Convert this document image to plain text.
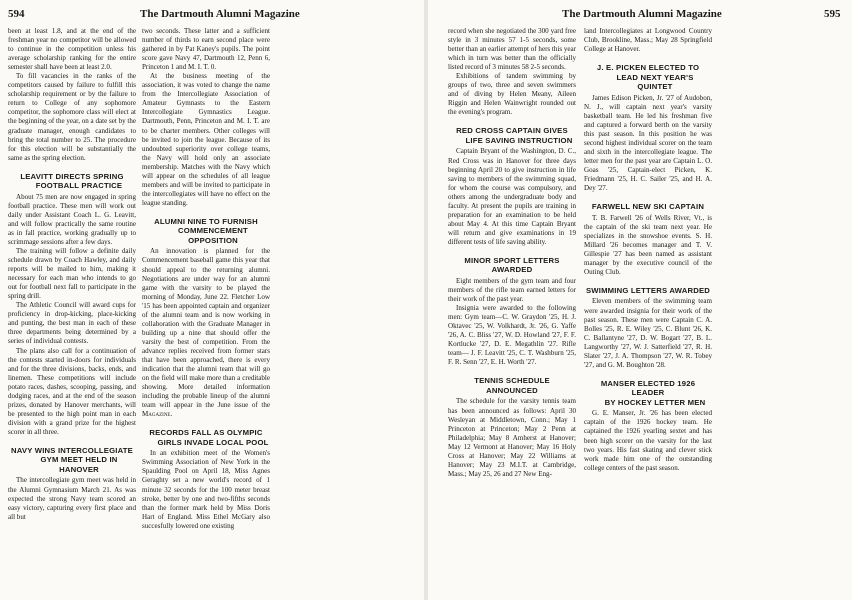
594	The Dartmouth Alumni Magazine

been at least 1.8, and at the end of the freshman year no competitor will be allowed to continue in the competition unless his average scholarship ranking for the entire semester shall have been at least 2.0.

To fill vacancies in the ranks of the competitors caused by failure to fulfill this scholarship requirement or by the failure to return to College of any sophomore competitor, the sophomore class will elect at the beginning of the year, on a date set by the graduate manager, enough candidates to bring the total number to 25. The procedure for this election will be substantially the same as the spring election.

LEAVITT DIRECTS SPRING
FOOTBALL PRACTICE

About 75 men are now engaged in spring football practice. These men will work out daily under Assistant Coach L. G. Leavitt, and will follow practically the same routine as in fall practice, working gradually up to scrimmage sessions after a few days.

The training will follow a definite daily schedule drawn by Coach Hawley, and daily reports will be mailed to him, making it necessary for each man who intends to go out for football next fall to participate in the spring drill.

The Athletic Council will award cups for proficiency in drop-kicking, place-kicking and punting, the best man in each of these three departments being determined by a series of individual contests.

The plans also call for a continuation of the contests started in-doors for individuals and for the three divisions, backs, ends, and linemen. These competitions will include potato races, dashes, scooping, passing, and dodging races, and at the end of the season prizes, donated by Hanover merchants, will be presented to the high point man in each division with a grand prize for the highest scorer in all three.

NAVY WINS INTERCOLLEGIATE
GYM MEET HELD IN HANOVER

The intercollegiate gym meet was held in the Alumni Gymnasium March 21. As was expected the strong Navy team scored an easy victory, capturing every first place and all but

two seconds. These latter and a sufficient number of thirds to earn second place were gathered in by Pat Kaney's pupils. The point score gave Navy 47, Dartmouth 12, Penn 6, Princeton 1 and M. I. T. 0.

At the business meeting of the association, it was voted to change the name from the Intercollegiate Association of Amateur Gymnasts to the Eastern Intercollegiate Gymnastics League. Dartmouth, Penn, Princeton and M. I. T. are to be charter members. Other colleges will be invited to join the league. Because of its undoubted superiority over college teams, the Navy will hold only an associate membership. Matches with the Navy which will appear on the schedules of all league members and will be invited to participate in the intercollegiates will have no effect on the league standing.

ALUMNI NINE TO FURNISH
COMMENCEMENT OPPOSITION

An innovation is planned for the Commencement baseball game this year that should appeal to the returning alumni. Negotiations are under way for an alumni game with the varsity to be played the morning of Monday, June 22. Fletcher Low '15 has been appointed captain and organizer of the alumni team and is now working in collaboration with the Graduate Manager in building up a nine that should offer the varsity the best of competition. From the advance replies received from former stars that have been approached, there is every indication that the alumni team that will go on the field will make more than a creditable showing. More detailed information including the probable lineup of the alumni team will appear in the June issue of the Magazine.

RECORDS FALL AS OLYMPIC
GIRLS INVADE LOCAL POOL

In an exhibition meet of the Women's Swimming Association of New York in the Spaulding Pool on April 18, Miss Agnes Geraghty set a new world's record of 1 minute 32 seconds for the 100 meter breast stroke, better by one and two-fifths seconds than the former mark held by Miss Doris Hart of England. Miss Ethel McGary also succesfully lowered one existing

The Dartmouth Alumni Magazine	595

record when she negotiated the 300 yard free style in 3 minutes 57 1-5 seconds, some better than an earlier attempt of hers this year which in turn was better than the officially listed record of 3 minutes 58 2-5 seconds.

Exhibitions of tandem swimming by groups of two, three and seven swimmers and of diving by Helen Meany, Aileen Riggin and Helen Wainwright rounded out the evening's program.

RED CROSS CAPTAIN GIVES
LIFE SAVING INSTRUCTION

Captain Bryant of the Washington, D. C., Red Cross was in Hanover for three days beginning April 20 to give instruction in life saving to members of the swimming squad, for whom the course was compulsory, and others among the undergraduate body and faculty. At present the pupils are training in preparation for an examination to be held about May 4. At this time Captain Bryant will return and give examinations in 19 different tests of life saving ability.

MINOR SPORT LETTERS AWARDED

Eight members of the gym team and four members of the rifle team earned letters for their work of the past year.

Insignia were awarded to the following men: Gym team—C. W. Graydon '25, H. J. Oktavec '25, W. Volkhardt, Jr. '26, G. Yaffe '26, A. C. Bliss '27, W. D. Howland '27, F. F. Kortlucke '27, D. E. Megathlin '27. Rifle team— J. F. Leavitt '25, C. T. Washburn '25, F. R. Senn '27, E. H. Worth '27.

TENNIS SCHEDULE ANNOUNCED

The schedule for the varsity tennis team has been announced as follows: April 30 Wesleyan at Middletown, Conn.; May 1 Princeton at Princeton; May 2 Penn at Philadelphia; May 8 Amherst at Hanover; May 12 Vermont at Hanover; May 16 Holy Cross at Hanover; May 22 Williams at Hanover; May 23 M.I.T. at Cambridge, Mass.; May 25, 26 and 27 New Eng-

land Intercollegiates at Longwood Country Club, Brookline, Mass.; May 28 Springfield College at Hanover.

J. E. PICKEN ELECTED TO
LEAD NEXT YEAR'S QUINTET

James Edison Picken, Jr. '27 of Audobon, N. J., will captain next year's varsity basketball team. He led his freshman five and captured a forward berth on the varsity this past season. In this position he was second highest individual scorer on the team and sixth in the intercollegiate league. The letter men for the past year are Captain L. O. Goas '25, Captain-elect Picken, K. Friedmann '25, H. C. Sailer '25, and H. A. Dey '27.

FARWELL NEW SKI CAPTAIN

T. B. Farwell '26 of Wells River, Vt., is the captain of the ski team next year. He specializes in the snowshoe events. S. H. Millard '26 becomes manager and T. V. Gillespie '27 has been named as assistant manager by the executive council of the Outing Club.

SWIMMING LETTERS AWARDED

Eleven members of the swimming team were awarded insignia for their work of the past season. These men were Captain C. A. Bolles '25, R. E. Wiley '25, C. Blunt '26, K. C. Ballantyne '27, D. W. Bogart '27, B. L. Langworthy '27, W. J. Satterfield '27, R. H. Slater '27, J. A. Thompson '27, W. R. Tobey '27, and G. M. Boughton '28.

MANSER ELECTED 1926 LEADER
BY HOCKEY LETTER MEN

G. E. Manser, Jr. '26 has been elected captain of the 1926 hockey team. He captained the 1926 yearling sextet and has been high scorer on the varsity for the last two years. His fast skating and clever stick work made him one of the outstanding college centers of the past season.
